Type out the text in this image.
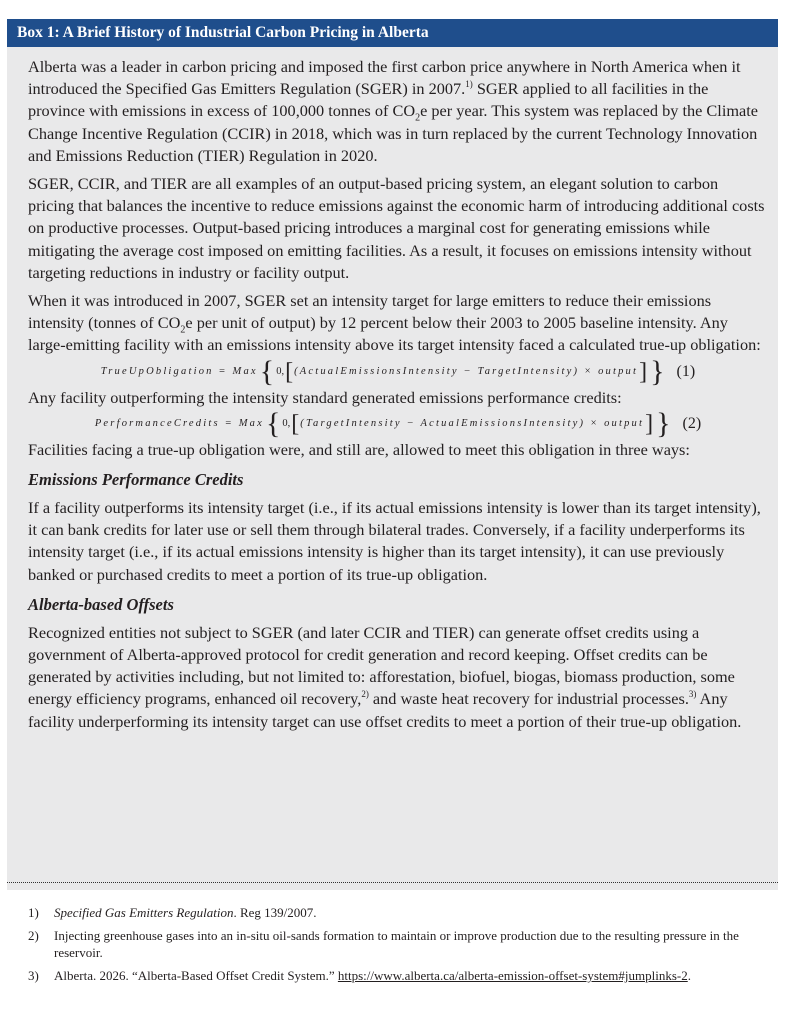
Box 1: A Brief History of Industrial Carbon Pricing in Alberta

Alberta was a leader in carbon pricing and imposed the first carbon price anywhere in North America when it introduced the Specified Gas Emitters Regulation (SGER) in 2007.$^{1)}$ SGER applied to all facilities in the province with emissions in excess of 100,000 tonnes of $CO_2e$ per year. This system was replaced by the Climate Change Incentive Regulation (CCIR) in 2018, which was in turn replaced by the current Technology Innovation and Emissions Reduction (TIER) Regulation in 2020.

SGER, CCIR, and TIER are all examples of an output-based pricing system, an elegant solution to carbon pricing that balances the incentive to reduce emissions against the economic harm of introducing additional costs on productive processes. Output-based pricing introduces a marginal cost for generating emissions while mitigating the average cost imposed on emitting facilities. As a result, it focuses on emissions intensity without targeting reductions in industry or facility output.

When it was introduced in 2007, SGER set an intensity target for large emitters to reduce their emissions intensity (tonnes of $CO_2e$ per unit of output) by 12 percent below their 2003 to 2005 baseline intensity. Any large-emitting facility with an emissions intensity above its target intensity faced a calculated true-up obligation:

TrueUpObligation = Max { 0, [ (ActualEmissionsIntensity − TargetIntensity) × output ] } (1)

Any facility outperforming the intensity standard generated emissions performance credits:

PerformanceCredits = Max { 0, [ (TargetIntensity − ActualEmissionsIntensity) × output ] } (2)

Facilities facing a true-up obligation were, and still are, allowed to meet this obligation in three ways:

Emissions Performance Credits

If a facility outperforms its intensity target (i.e., if its actual emissions intensity is lower than its target intensity), it can bank credits for later use or sell them through bilateral trades. Conversely, if a facility underperforms its intensity target (i.e., if its actual emissions intensity is higher than its target intensity), it can use previously banked or purchased credits to meet a portion of its true-up obligation.

Alberta-based Offsets

Recognized entities not subject to SGER (and later CCIR and TIER) can generate offset credits using a government of Alberta-approved protocol for credit generation and record keeping. Offset credits can be generated by activities including, but not limited to: afforestation, biofuel, biogas, biomass production, some energy efficiency programs, enhanced oil recovery,$^{2)}$ and waste heat recovery for industrial processes.$^{3)}$ Any facility underperforming its intensity target can use offset credits to meet a portion of their true-up obligation.

1)	Specified Gas Emitters Regulation. Reg 139/2007.
2)	Injecting greenhouse gases into an in-situ oil-sands formation to maintain or improve production due to the resulting pressure in the reservoir.
3)	Alberta. 2026. “Alberta-Based Offset Credit System.” https://www.alberta.ca/alberta-emission-offset-system#jumplinks-2.
